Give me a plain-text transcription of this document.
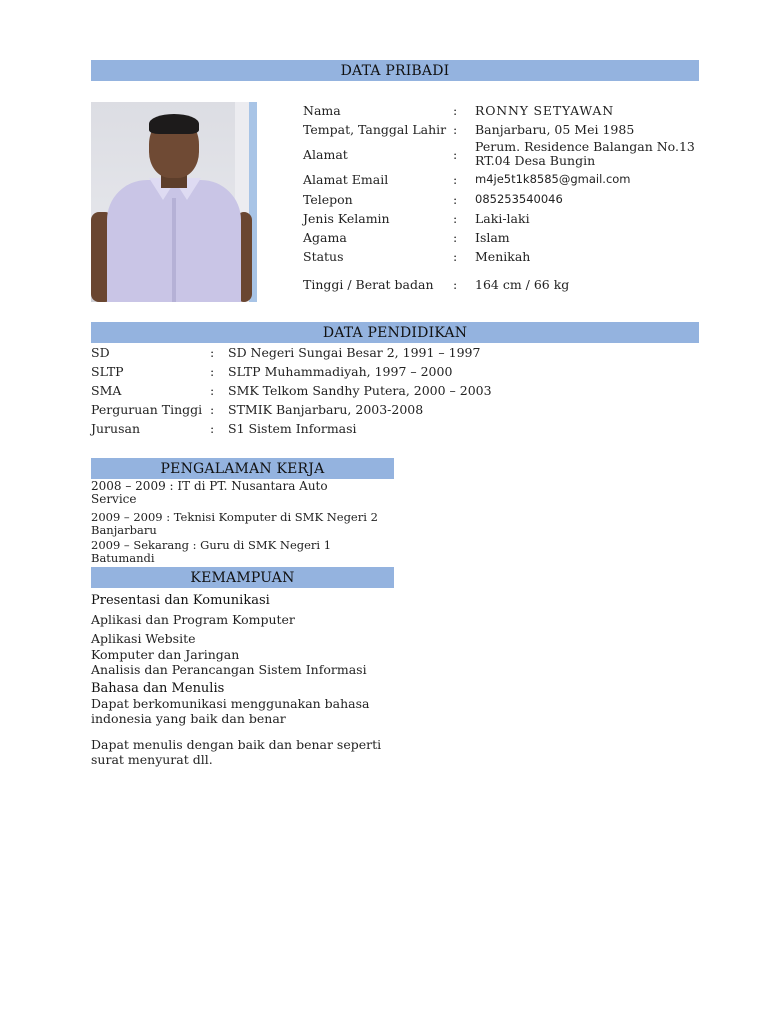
DATA PRIBADI
Nama	:	RONNY SETYAWAN
Tempat, Tanggal Lahir :	Banjarbaru, 05 Mei 1985
Alamat	:
Perum. Residence Balangan No.13
RT.04 Desa Bungin
Alamat Email	:	m4je5t1k8585@gmail.com
Telepon	:	085253540046
Jenis Kelamin	:	Laki-laki
Agama	:	Islam
Status	:	Menikah
Tinggi / Berat badan :	164 cm / 66 kg
DATA PENDIDIKAN
SD	:	SD Negeri Sungai Besar 2, 1991 – 1997
SLTP	:	SLTP Muhammadiyah, 1997 – 2000
SMA	:	SMK Telkom Sandhy Putera, 2000 – 2003
Perguruan Tinggi :	STMIK Banjarbaru, 2003-2008
Jurusan	:	S1 Sistem Informasi
PENGALAMAN KERJA
2008 – 2009 : IT di PT. Nusantara Auto
Service
2009 – 2009 : Teknisi Komputer di SMK Negeri 2
Banjarbaru
2009 – Sekarang : Guru di SMK Negeri 1
Batumandi
KEMAMPUAN
Presentasi dan Komunikasi
Aplikasi dan Program Komputer
Aplikasi Website
Komputer dan Jaringan
Analisis dan Perancangan Sistem Informasi
Bahasa dan Menulis
Dapat berkomunikasi menggunakan bahasa
indonesia yang baik dan benar
Dapat menulis dengan baik dan benar seperti
surat menyurat dll.
